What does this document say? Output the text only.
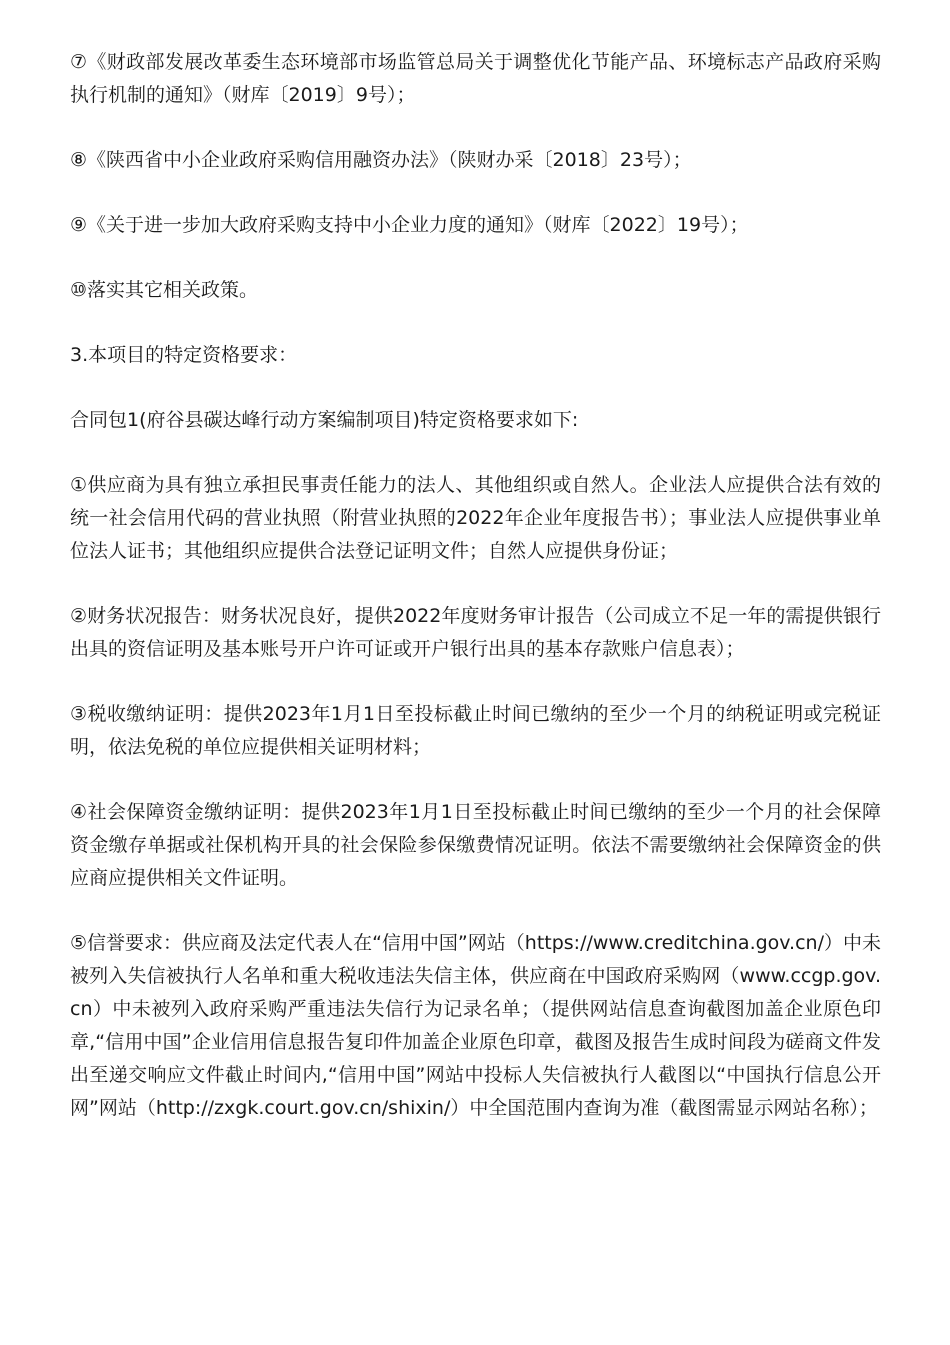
⑦《财政部发展改革委生态环境部市场监管总局关于调整优化节能产品、环境标志产品政府采购执行机制的通知》（财库〔2019〕9号）；

⑧《陕西省中小企业政府采购信用融资办法》（陕财办采〔2018〕23号）；

⑨《关于进一步加大政府采购支持中小企业力度的通知》（财库〔2022〕19号）；

⑩落实其它相关政策。

3.本项目的特定资格要求：

合同包1(府谷县碳达峰行动方案编制项目)特定资格要求如下:

①供应商为具有独立承担民事责任能力的法人、其他组织或自然人。企业法人应提供合法有效的统一社会信用代码的营业执照（附营业执照的2022年企业年度报告书）；事业法人应提供事业单位法人证书；其他组织应提供合法登记证明文件；自然人应提供身份证；

②财务状况报告：财务状况良好，提供2022年度财务审计报告（公司成立不足一年的需提供银行出具的资信证明及基本账号开户许可证或开户银行出具的基本存款账户信息表）；

③税收缴纳证明：提供2023年1月1日至投标截止时间已缴纳的至少一个月的纳税证明或完税证明，依法免税的单位应提供相关证明材料；

④社会保障资金缴纳证明：提供2023年1月1日至投标截止时间已缴纳的至少一个月的社会保障资金缴存单据或社保机构开具的社会保险参保缴费情况证明。依法不需要缴纳社会保障资金的供应商应提供相关文件证明。

⑤信誉要求：供应商及法定代表人在“信用中国”网站（https://www.creditchina.gov.cn/）中未被列入失信被执行人名单和重大税收违法失信主体，供应商在中国政府采购网（www.ccgp.gov.cn）中未被列入政府采购严重违法失信行为记录名单；（提供网站信息查询截图加盖企业原色印章,“信用中国”企业信用信息报告复印件加盖企业原色印章，截图及报告生成时间段为磋商文件发出至递交响应文件截止时间内,“信用中国”网站中投标人失信被执行人截图以“中国执行信息公开网”网站（http://zxgk.court.gov.cn/shixin/）中全国范围内查询为准（截图需显示网站名称）；
